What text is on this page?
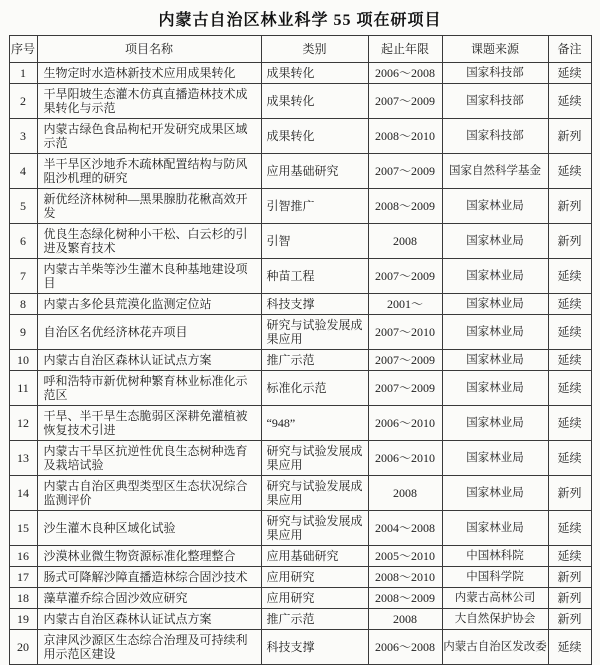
内蒙古自治区林业科学 55 项在研项目
序号	项目名称	类别	起止年限	课题来源	备注
1	生物定时水造林新技术应用成果转化	成果转化	2006～2008	国家科技部	延续
2	干旱阳坡生态灌木仿真直播造林技术成果转化与示范	成果转化	2007～2009	国家科技部	延续
3	内蒙古绿色食品枸杞开发研究成果区域示范	成果转化	2008～2010	国家科技部	新列
4	半干旱区沙地乔木疏林配置结构与防风阻沙机理的研究	应用基础研究	2007～2009	国家自然科学基金	延续
5	新优经济林树种—黑果腺肋花楸高效开发	引智推广	2008～2009	国家林业局	新列
6	优良生态绿化树种小干松、白云杉的引进及繁育技术	引智	2008	国家林业局	新列
7	内蒙古羊柴等沙生灌木良种基地建设项目	种苗工程	2007～2009	国家林业局	延续
8	内蒙古多伦县荒漠化监测定位站	科技支撑	2001～	国家林业局	延续
9	自治区名优经济林花卉项目	研究与试验发展成果应用	2007～2010	国家林业局	延续
10	内蒙古自治区森林认证试点方案	推广示范	2007～2009	国家林业局	延续
11	呼和浩特市新优树种繁育林业标准化示范区	标准化示范	2007～2009	国家林业局	延续
12	干旱、半干旱生态脆弱区深耕免灌植被恢复技术引进	“948”	2006～2010	国家林业局	延续
13	内蒙古干旱区抗逆性优良生态树种选育及栽培试验	研究与试验发展成果应用	2006～2010	国家林业局	延续
14	内蒙古自治区典型类型区生态状况综合监测评价	研究与试验发展成果应用	2008	国家林业局	新列
15	沙生灌木良种区域化试验	研究与试验发展成果应用	2004～2008	国家林业局	延续
16	沙漠林业微生物资源标准化整理整合	应用基础研究	2005～2010	中国林科院	延续
17	肠式可降解沙障直播造林综合固沙技术	应用研究	2008～2010	中国科学院	新列
18	藻草灌乔综合固沙效应研究	应用研究	2008～2009	内蒙古高林公司	新列
19	内蒙古自治区森林认证试点方案	推广示范	2008	大自然保护协会	新列
20	京津风沙源区生态综合治理及可持续利用示范区建设	科技支撑	2006～2008	内蒙古自治区发改委	延续
